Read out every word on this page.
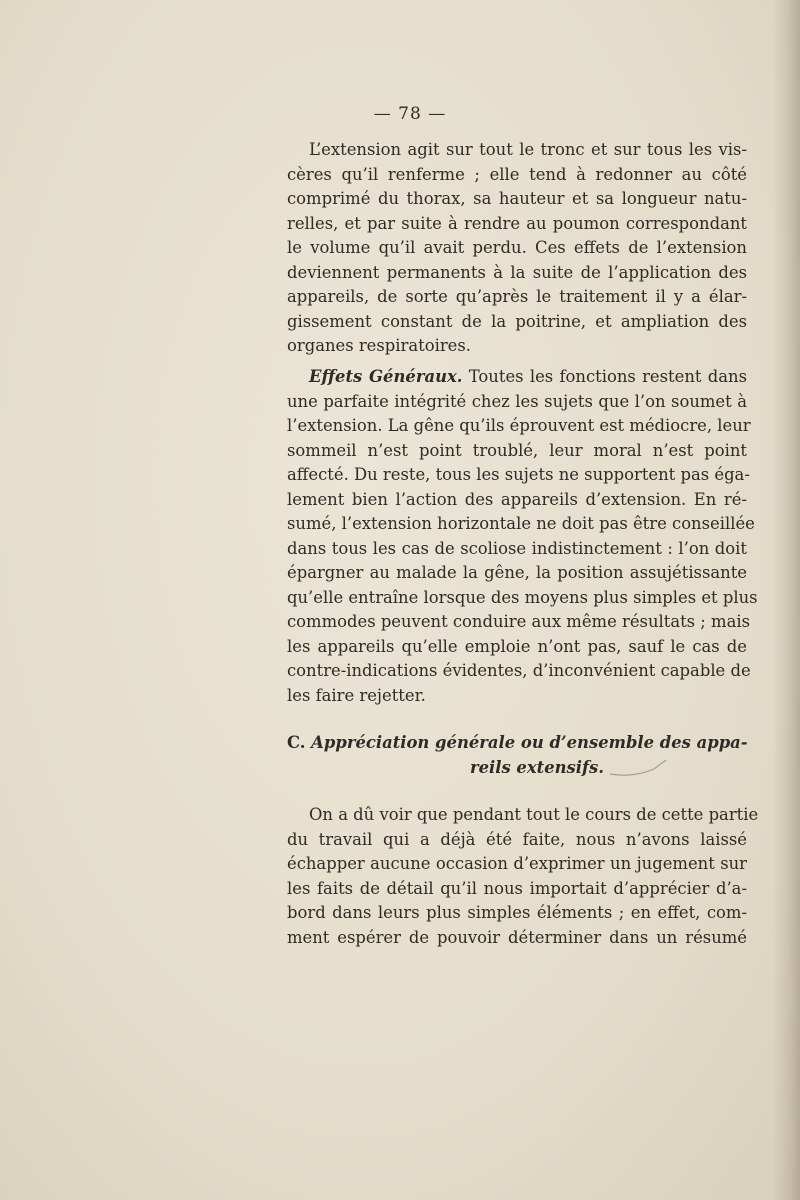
— 78 —
L’extension agit sur tout le tronc et sur tous les vis-
cères qu’il renferme ; elle tend à redonner au côté
comprimé du thorax, sa hauteur et sa longueur natu-
relles, et par suite à rendre au poumon correspondant
le volume qu’il avait perdu. Ces effets de l’extension
deviennent permanents à la suite de l’application des
appareils, de sorte qu’après le traitement il y a élar-
gissement constant de la poitrine, et ampliation des
organes respiratoires.
Effets Généraux. Toutes les fonctions restent dans
une parfaite intégrité chez les sujets que l’on soumet à
l’extension. La gêne qu’ils éprouvent est médiocre, leur
sommeil n’est point troublé, leur moral n’est point
affecté. Du reste, tous les sujets ne supportent pas éga-
lement bien l’action des appareils d’extension. En ré-
sumé, l’extension horizontale ne doit pas être conseillée
dans tous les cas de scoliose indistinctement : l’on doit
épargner au malade la gêne, la position assujétissante
qu’elle entraîne lorsque des moyens plus simples et plus
commodes peuvent conduire aux même résultats ; mais
les appareils qu’elle emploie n’ont pas, sauf le cas de
contre-indications évidentes, d’inconvénient capable de
les faire rejetter.
C. Appréciation générale ou d’ensemble des appa-
reils extensifs.
On a dû voir que pendant tout le cours de cette partie
du travail qui a déjà été faite, nous n’avons laissé
échapper aucune occasion d’exprimer un jugement sur
les faits de détail qu’il nous importait d’apprécier d’a-
bord dans leurs plus simples éléments ; en effet, com-
ment espérer de pouvoir déterminer dans un résumé
